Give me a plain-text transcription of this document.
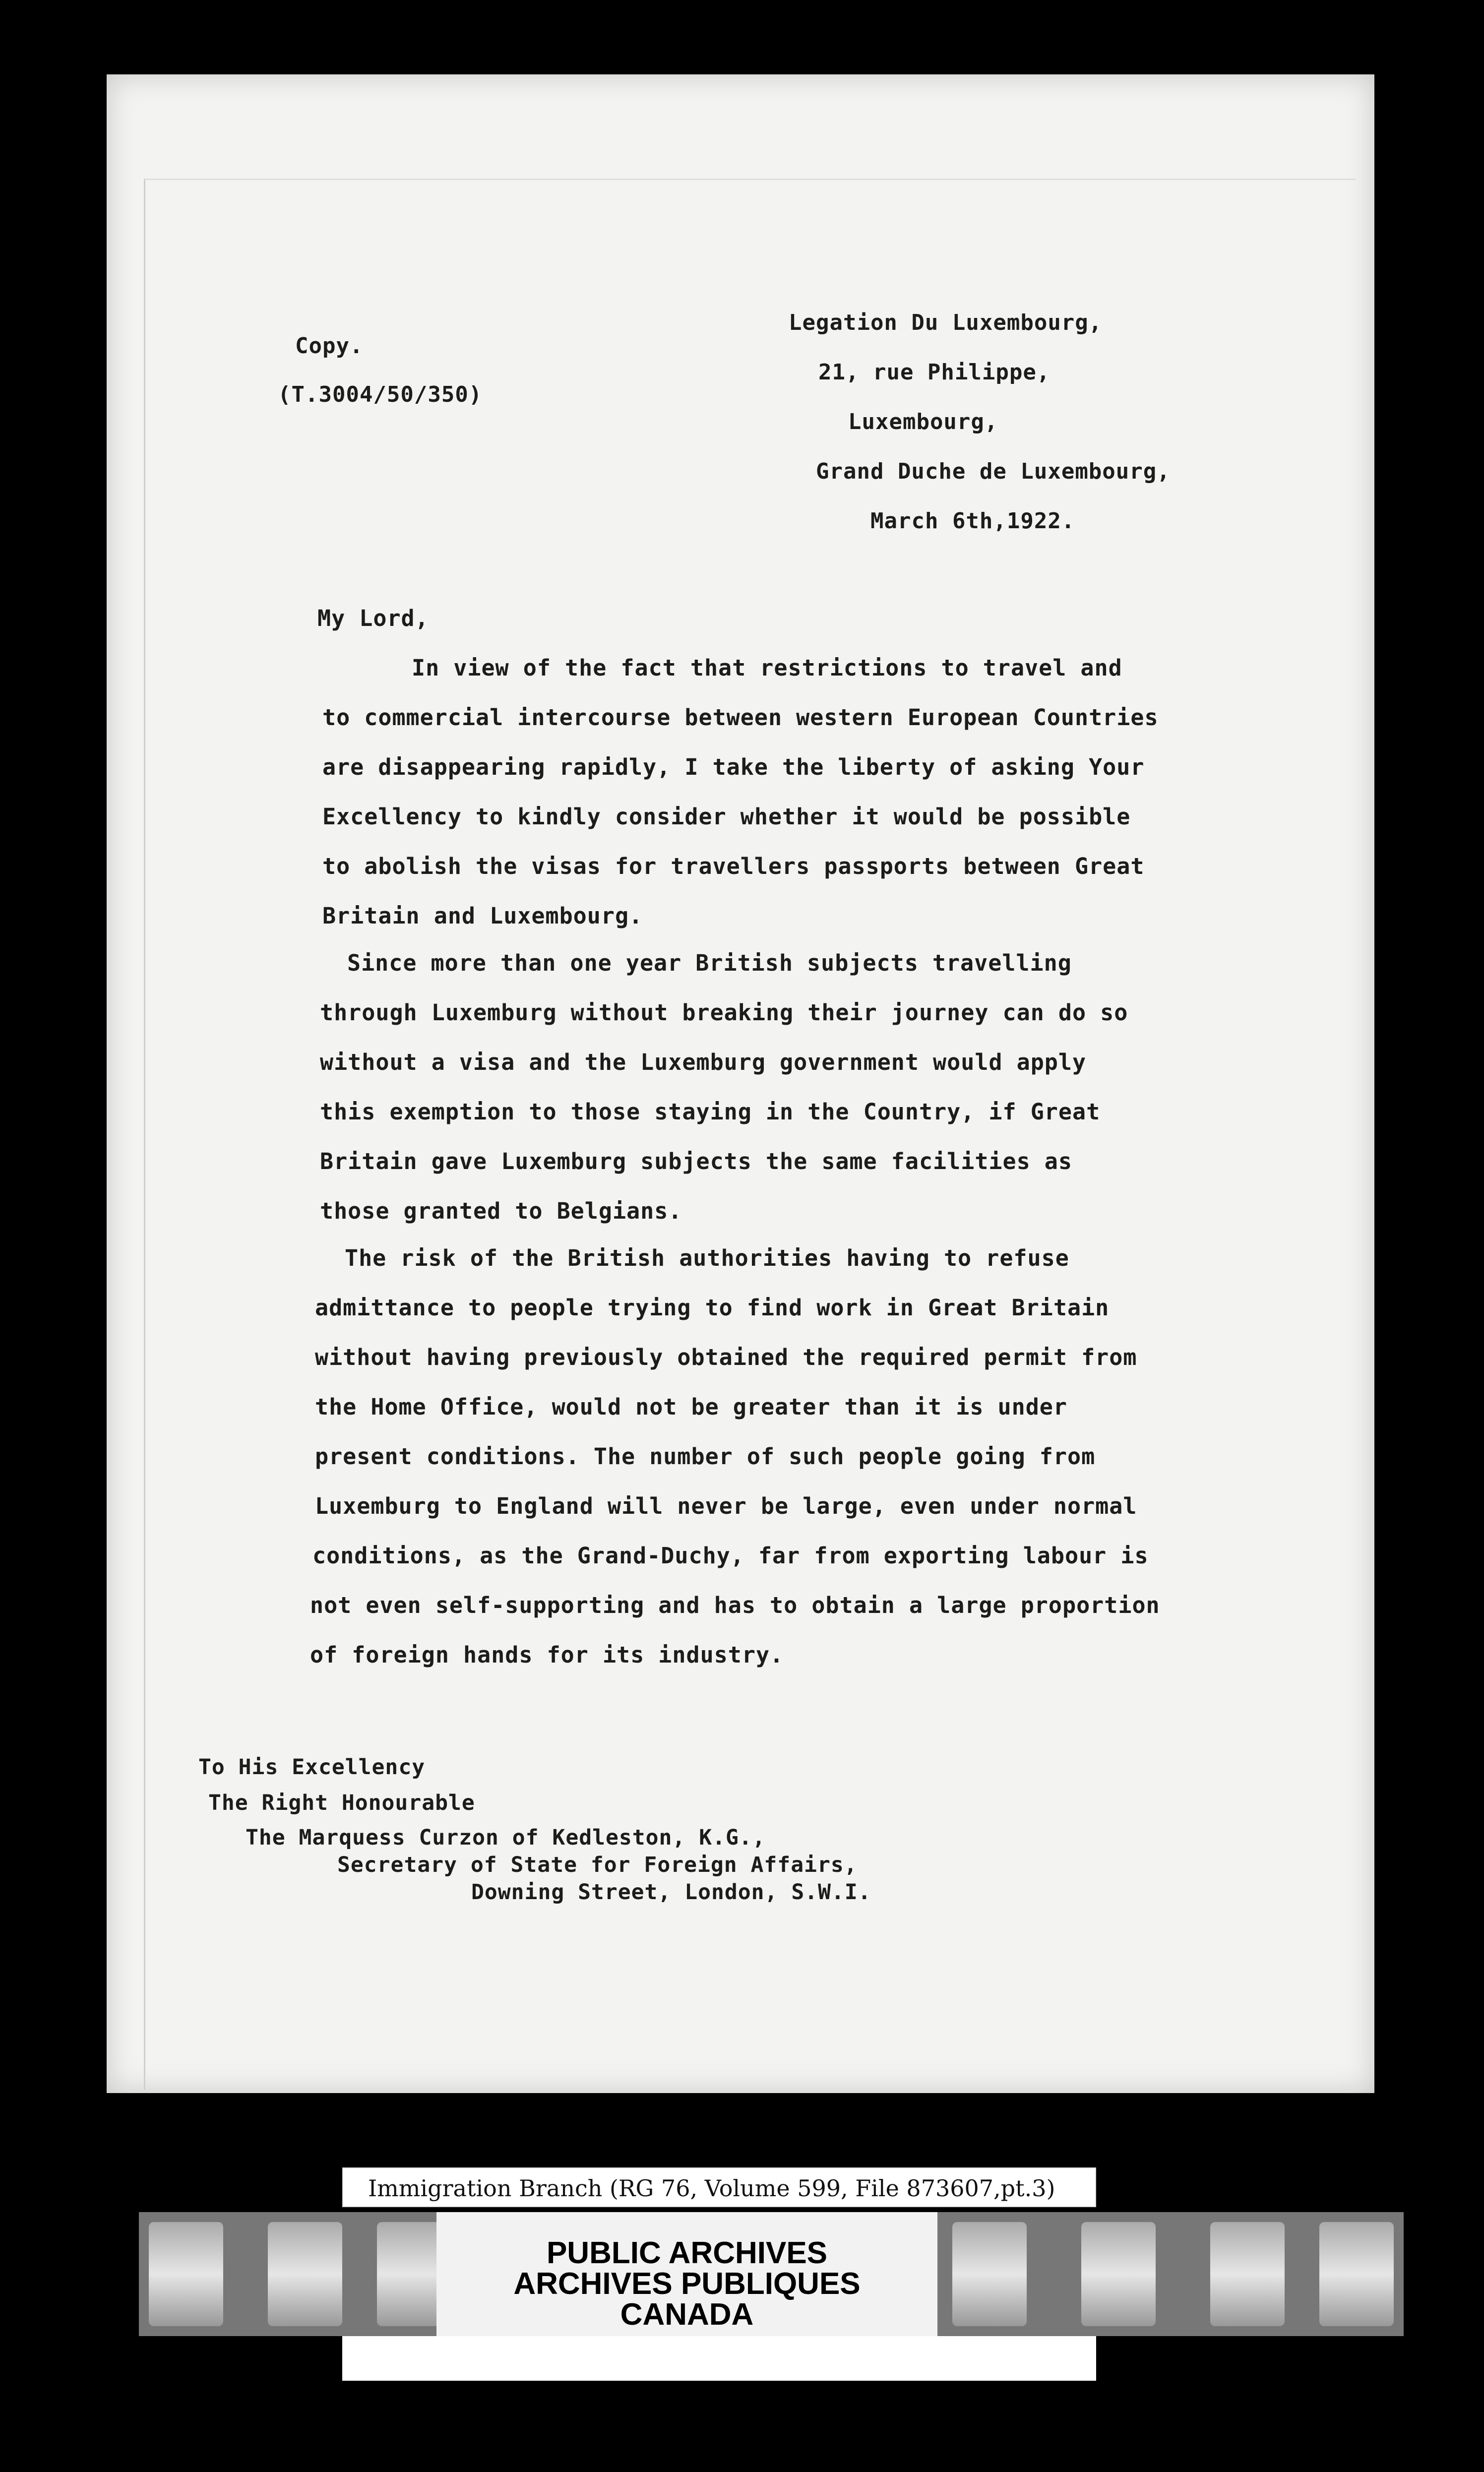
Copy.
(T.3004/50/350)
Legation Du Luxembourg,
21, rue Philippe,
Luxembourg,
Grand Duche de Luxembourg,
March 6th,1922.
My Lord,
In view of the fact that restrictions to travel and
to commercial intercourse between western European Countries
are disappearing rapidly, I take the liberty of asking Your
Excellency to kindly consider whether it would be possible
to abolish the visas for travellers passports between Great
Britain and Luxembourg.
Since more than one year British subjects travelling
through Luxemburg without breaking their journey can do so
without a visa and the Luxemburg government would apply
this exemption to those staying in the Country, if Great
Britain gave Luxemburg subjects the same facilities as
those granted to Belgians.
The risk of the British authorities having to refuse
admittance to people trying to find work in Great Britain
without having previously obtained the required permit from
the Home Office, would not be greater than it is under
present conditions. The number of such people going from
Luxemburg to England will never be large, even under normal
conditions, as the Grand-Duchy, far from exporting labour is
not even self-supporting and has to obtain a large proportion
of foreign hands for its industry.
To His Excellency
The Right Honourable
The Marquess Curzon of Kedleston, K.G.,
Secretary of State for Foreign Affairs,
Downing Street, London, S.W.I.
Immigration Branch (RG 76, Volume 599, File 873607,pt.3)
PUBLIC ARCHIVES
ARCHIVES PUBLIQUES
CANADA
